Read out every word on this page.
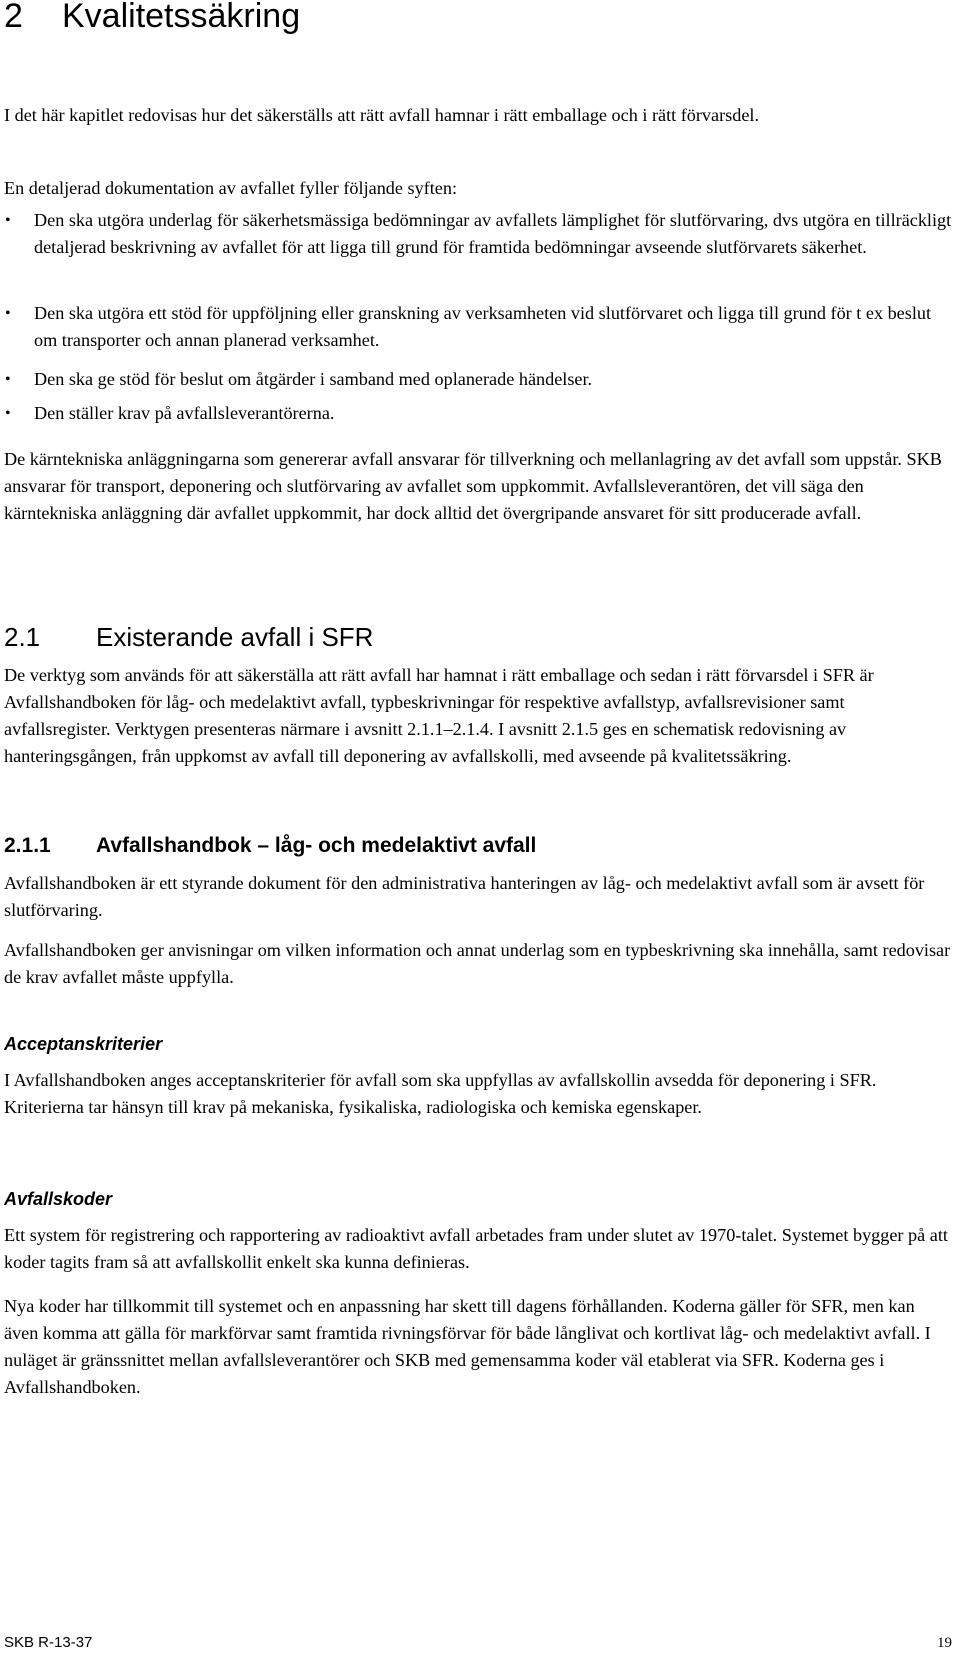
2 Kvalitetssäkring

I det här kapitlet redovisas hur det säkerställs att rätt avfall hamnar i rätt emballage och i rätt förvarsdel.

En detaljerad dokumentation av avfallet fyller följande syften:

• Den ska utgöra underlag för säkerhetsmässiga bedömningar av avfallets lämplighet för slutförvaring, dvs utgöra en tillräckligt detaljerad beskrivning av avfallet för att ligga till grund för framtida bedömningar avseende slutförvarets säkerhet.
• Den ska utgöra ett stöd för uppföljning eller granskning av verksamheten vid slutförvaret och ligga till grund för t ex beslut om transporter och annan planerad verksamhet.
• Den ska ge stöd för beslut om åtgärder i samband med oplanerade händelser.
• Den ställer krav på avfallsleverantörerna.

De kärntekniska anläggningarna som genererar avfall ansvarar för tillverkning och mellanlagring av det avfall som uppstår. SKB ansvarar för transport, deponering och slutförvaring av avfallet som uppkommit. Avfallsleverantören, det vill säga den kärntekniska anläggning där avfallet uppkommit, har dock alltid det övergripande ansvaret för sitt producerade avfall.

2.1 Existerande avfall i SFR

De verktyg som används för att säkerställa att rätt avfall har hamnat i rätt emballage och sedan i rätt förvarsdel i SFR är Avfallshandboken för låg- och medelaktivt avfall, typbeskrivningar för respektive avfallstyp, avfallsrevisioner samt avfallsregister. Verktygen presenteras närmare i avsnitt 2.1.1–2.1.4. I avsnitt 2.1.5 ges en schematisk redovisning av hanteringsgången, från uppkomst av avfall till deponering av avfallskolli, med avseende på kvalitetssäkring.

2.1.1 Avfallshandbok – låg- och medelaktivt avfall

Avfallshandboken är ett styrande dokument för den administrativa hanteringen av låg- och medelaktivt avfall som är avsett för slutförvaring.

Avfallshandboken ger anvisningar om vilken information och annat underlag som en typbeskrivning ska innehålla, samt redovisar de krav avfallet måste uppfylla.

Acceptanskriterier

I Avfallshandboken anges acceptanskriterier för avfall som ska uppfyllas av avfallskollin avsedda för deponering i SFR. Kriterierna tar hänsyn till krav på mekaniska, fysikaliska, radiologiska och kemiska egenskaper.

Avfallskoder

Ett system för registrering och rapportering av radioaktivt avfall arbetades fram under slutet av 1970-talet. Systemet bygger på att koder tagits fram så att avfallskollit enkelt ska kunna definieras.

Nya koder har tillkommit till systemet och en anpassning har skett till dagens förhållanden. Koderna gäller för SFR, men kan även komma att gälla för markförvar samt framtida rivningsförvar för både långlivat och kortlivat låg- och medelaktivt avfall. I nuläget är gränssnittet mellan avfallsleverantörer och SKB med gemensamma koder väl etablerat via SFR. Koderna ges i Avfallshandboken.

SKB R-13-37	19
